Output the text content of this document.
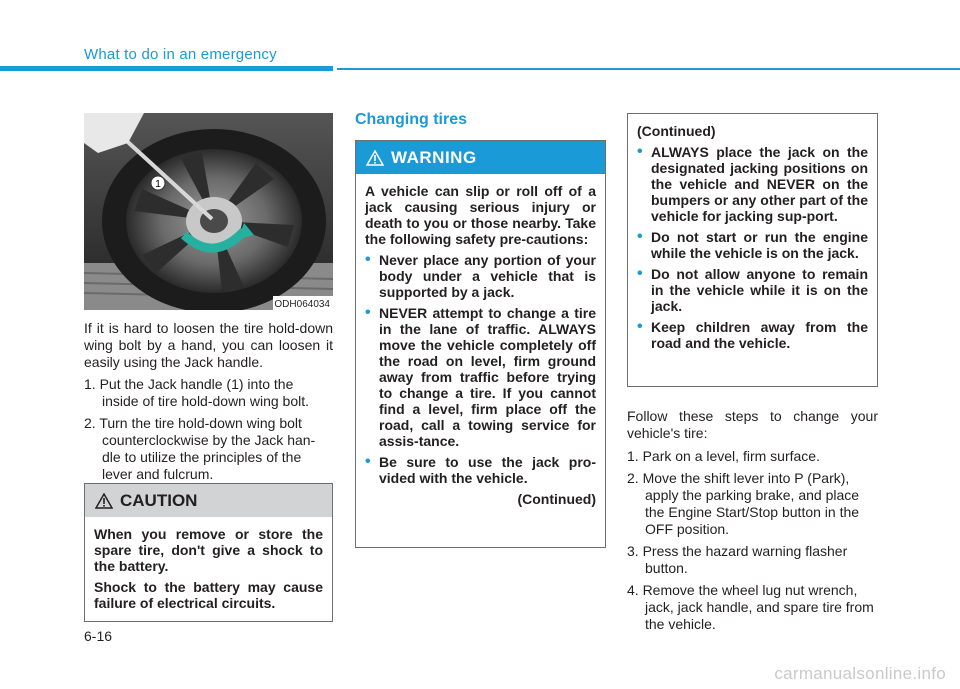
What to do in an emergency
1
ODH064034

If it is hard to loosen the tire hold-down wing bolt by a hand, you can loosen it easily using the Jack handle.

1. Put the Jack handle (1) into the inside of tire hold-down wing bolt.
2. Turn the tire hold-down wing bolt counterclockwise by the Jack han-dle to utilize the principles of the lever and fulcrum.
CAUTION

When you remove or store the spare tire, don't give a shock to the battery.

Shock to the battery may cause failure of electrical circuits.

Changing tires
WARNING

A vehicle can slip or roll off of a jack causing serious injury or death to you or those nearby. Take the following safety pre-cautions:

• Never place any portion of your body under a vehicle that is supported by a jack.
• NEVER attempt to change a tire in the lane of traffic. ALWAYS move the vehicle completely off the road on level, firm ground away from traffic before trying to change a tire. If you cannot find a level, firm place off the road, call a towing service for assis-tance.
• Be sure to use the jack pro-vided with the vehicle.
(Continued)

(Continued)

• ALWAYS place the jack on the designated jacking positions on the vehicle and NEVER on the bumpers or any other part of the vehicle for jacking sup-port.
• Do not start or run the engine while the vehicle is on the jack.
• Do not allow anyone to remain in the vehicle while it is on the jack.
• Keep children away from the road and the vehicle.

Follow these steps to change your vehicle's tire:

1. Park on a level, firm surface.
2. Move the shift lever into P (Park), apply the parking brake, and place the Engine Start/Stop button in the OFF position.
3. Press the hazard warning flasher button.
4. Remove the wheel lug nut wrench, jack, jack handle, and spare tire from the vehicle.
6-16
carmanualsonline.info
